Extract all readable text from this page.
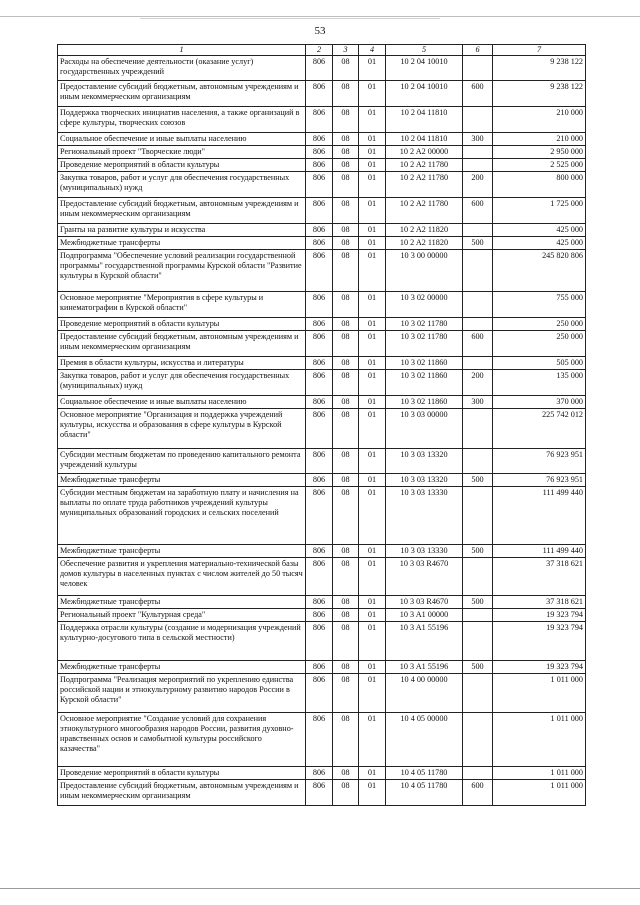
53
1	2	3	4	5	6	7
Расходы на обеспечение деятельности (оказание услуг) государственных учреждений	806	08	01	10 2 04 10010		9 238 122
Предоставление субсидий бюджетным, автономным учреждениям и иным некоммерческим организациям	806	08	01	10 2 04 10010	600	9 238 122
Поддержка творческих инициатив населения, а также организаций в сфере культуры, творческих союзов	806	08	01	10 2 04 11810		210 000
Социальное обеспечение и иные выплаты населению	806	08	01	10 2 04 11810	300	210 000
Региональный проект "Творческие люди"	806	08	01	10 2 A2 00000		2 950 000
Проведение мероприятий в области культуры	806	08	01	10 2 A2 11780		2 525 000
Закупка товаров, работ и услуг для обеспечения государственных (муниципальных) нужд	806	08	01	10 2 A2 11780	200	800 000
Предоставление субсидий бюджетным, автономным учреждениям и иным некоммерческим организациям	806	08	01	10 2 A2 11780	600	1 725 000
Гранты на развитие культуры и искусства	806	08	01	10 2 A2 11820		425 000
Межбюджетные трансферты	806	08	01	10 2 A2 11820	500	425 000
Подпрограмма "Обеспечение условий реализации государственной программы" государственной программы Курской области "Развитие культуры в Курской области"	806	08	01	10 3 00 00000		245 820 806
Основное мероприятие "Мероприятия в сфере культуры и кинематографии в Курской области"	806	08	01	10 3 02 00000		755 000
Проведение мероприятий в области культуры	806	08	01	10 3 02 11780		250 000
Предоставление субсидий бюджетным, автономным учреждениям и иным некоммерческим организациям	806	08	01	10 3 02 11780	600	250 000
Премия в области культуры, искусства и литературы	806	08	01	10 3 02 11860		505 000
Закупка товаров, работ и услуг для обеспечения государственных (муниципальных) нужд	806	08	01	10 3 02 11860	200	135 000
Социальное обеспечение и иные выплаты населению	806	08	01	10 3 02 11860	300	370 000
Основное мероприятие "Организация и поддержка учреждений культуры, искусства и образования в сфере культуры в Курской области"	806	08	01	10 3 03 00000		225 742 012
Субсидии местным бюджетам по проведению капитального ремонта учреждений культуры	806	08	01	10 3 03 13320		76 923 951
Межбюджетные трансферты	806	08	01	10 3 03 13320	500	76 923 951
Субсидии местным бюджетам на заработную плату и начисления на выплаты по оплате труда работников учреждений культуры муниципальных образований городских и сельских поселений	806	08	01	10 3 03 13330		111 499 440
Межбюджетные трансферты	806	08	01	10 3 03 13330	500	111 499 440
Обеспечение развития и укрепления материально-технической базы домов культуры в населенных пунктах с числом жителей до 50 тысяч человек	806	08	01	10 3 03 R4670		37 318 621
Межбюджетные трансферты	806	08	01	10 3 03 R4670	500	37 318 621
Региональный проект "Культурная среда"	806	08	01	10 3 A1 00000		19 323 794
Поддержка отрасли культуры (создание и модернизация учреждений культурно-досугового типа в сельской местности)	806	08	01	10 3 A1 55196		19 323 794
Межбюджетные трансферты	806	08	01	10 3 A1 55196	500	19 323 794
Подпрограмма "Реализация мероприятий по укреплению единства российской нации и этнокультурному развитию народов России в Курской области"	806	08	01	10 4 00 00000		1 011 000
Основное мероприятие "Создание условий для сохранения этнокультурного многообразия народов России, развития духовно-нравственных основ и самобытной культуры российского казачества"	806	08	01	10 4 05 00000		1 011 000
Проведение мероприятий в области культуры	806	08	01	10 4 05 11780		1 011 000
Предоставление субсидий бюджетным, автономным учреждениям и иным некоммерческим организациям	806	08	01	10 4 05 11780	600	1 011 000
